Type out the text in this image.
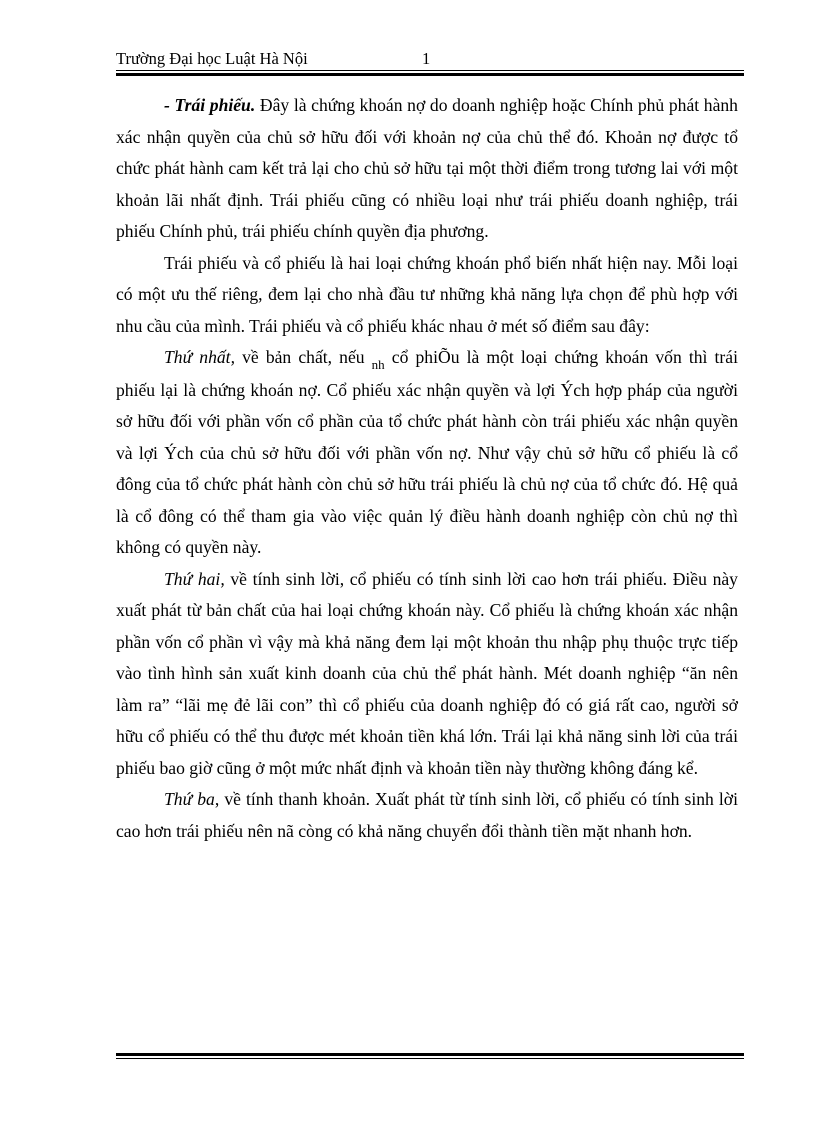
Trường Đại học Luật Hà Nội	1

- Trái phiếu. Đây là chứng khoán nợ do doanh nghiệp hoặc Chính phủ phát hành xác nhận quyền của chủ sở hữu đối với khoản nợ của chủ thể đó. Khoản nợ được tổ chức phát hành cam kết trả lại cho chủ sở hữu tại một thời điểm trong tương lai với một khoản lãi nhất định. Trái phiếu cũng có nhiều loại như trái phiếu doanh nghiệp, trái phiếu Chính phủ, trái phiếu chính quyền địa phương.

Trái phiếu và cổ phiếu là hai loại chứng khoán phổ biến nhất hiện nay. Mỗi loại có một ưu thế riêng, đem lại cho nhà đầu tư những khả năng lựa chọn để phù hợp với nhu cầu của mình. Trái phiếu và cổ phiếu khác nhau ở mét số điểm sau đây:

Thứ nhất, về bản chất, nếu $_{nh}$ cổ phiÕu là một loại chứng khoán vốn thì trái phiếu lại là chứng khoán nợ. Cổ phiếu xác nhận quyền và lợi Ých hợp pháp của người sở hữu đối với phần vốn cổ phần của tổ chức phát hành còn trái phiếu xác nhận quyền và lợi Ých của chủ sở hữu đối với phần vốn nợ. Như vậy chủ sở hữu cổ phiếu là cổ đông của tổ chức phát hành còn chủ sở hữu trái phiếu là chủ nợ của tổ chức đó. Hệ quả là cổ đông có thể tham gia vào việc quản lý điều hành doanh nghiệp còn chủ nợ thì không có quyền này.

Thứ hai, về tính sinh lời, cổ phiếu có tính sinh lời cao hơn trái phiếu. Điều này xuất phát từ bản chất của hai loại chứng khoán này. Cổ phiếu là chứng khoán xác nhận phần vốn cổ phần vì vậy mà khả năng đem lại một khoản thu nhập phụ thuộc trực tiếp vào tình hình sản xuất kinh doanh của chủ thể phát hành. Mét doanh nghiệp “ăn nên làm ra” “lãi mẹ đẻ lãi con” thì cổ phiếu của doanh nghiệp đó có giá rất cao, người sở hữu cổ phiếu có thể thu được mét khoản tiền khá lớn. Trái lại khả năng sinh lời của trái phiếu bao giờ cũng ở một mức nhất định và khoản tiền này thường không đáng kể.

Thứ ba, về tính thanh khoản. Xuất phát từ tính sinh lời, cổ phiếu có tính sinh lời cao hơn trái phiếu nên nã còng có khả năng chuyển đổi thành tiền mặt nhanh hơn.
